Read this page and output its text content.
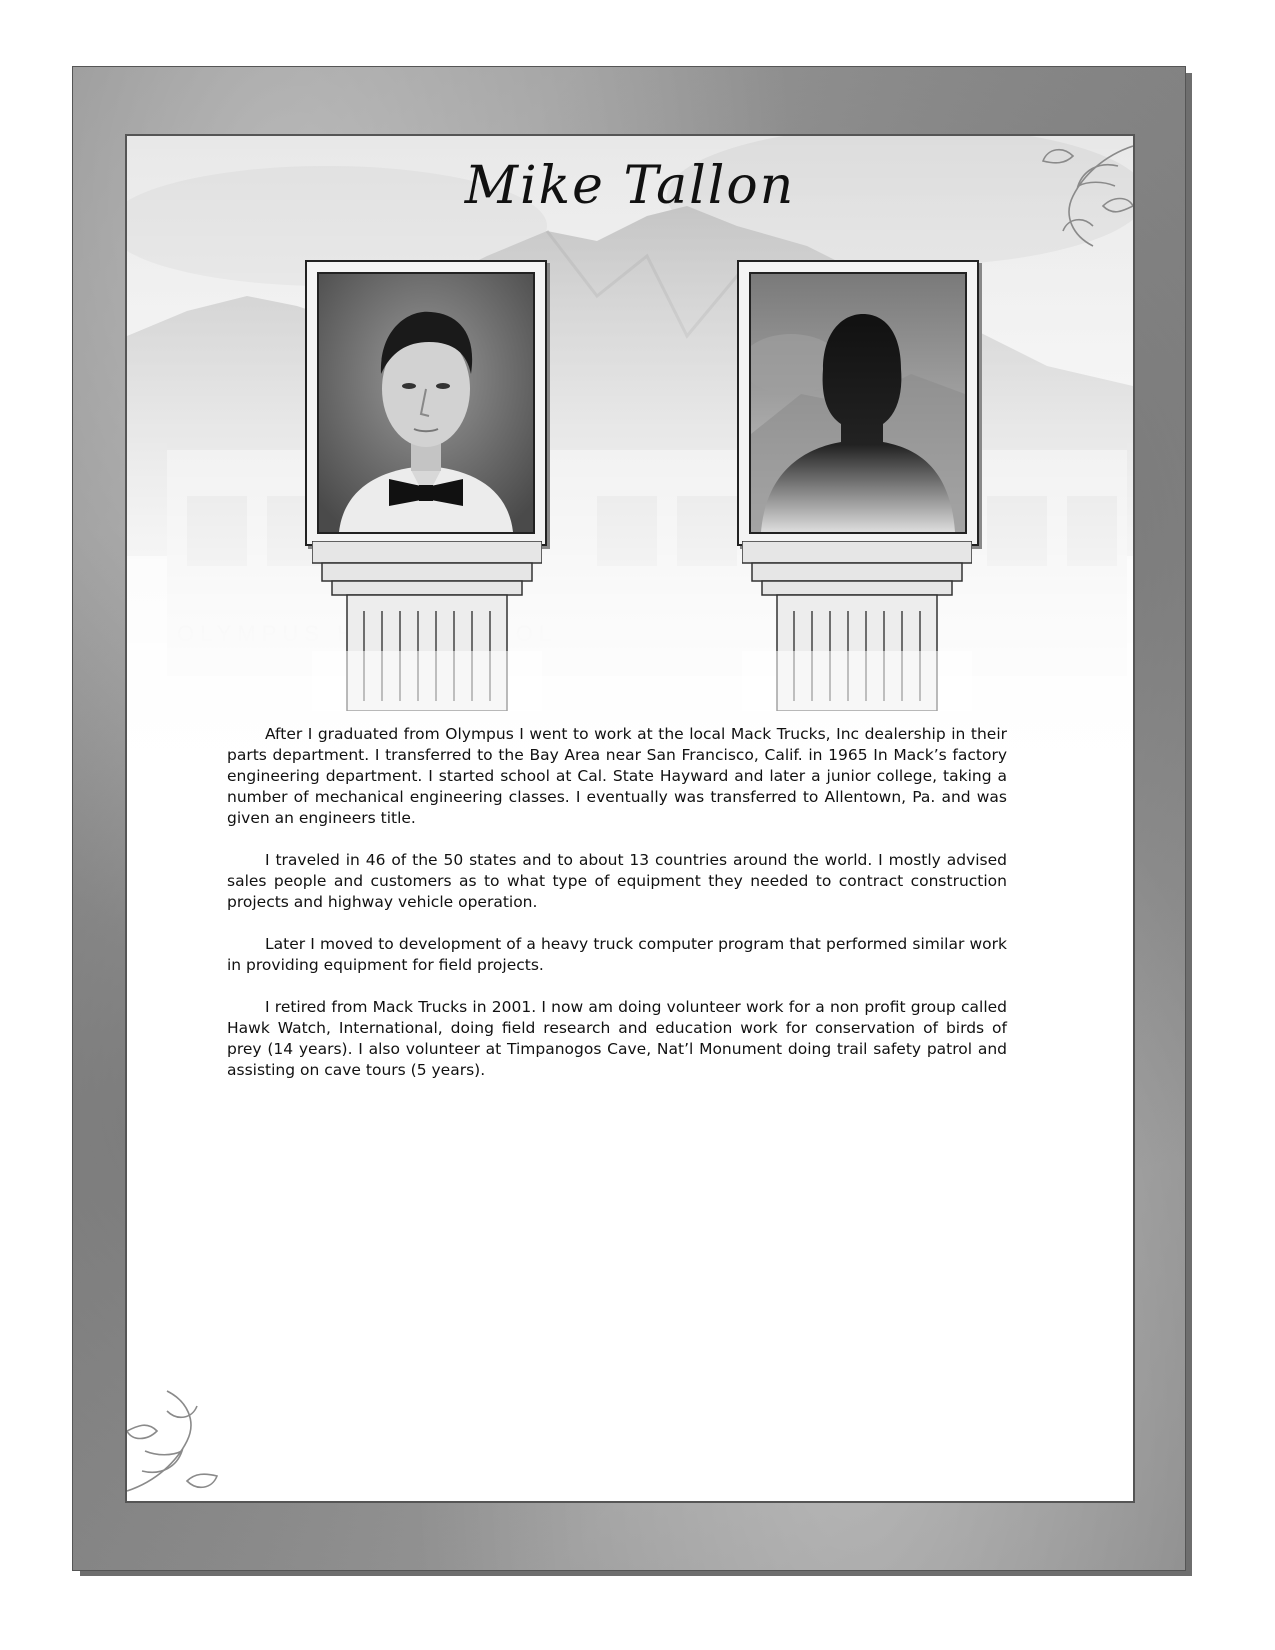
Mike Tallon

After I graduated from Olympus I went to work at the local Mack Trucks, Inc dealership in their parts department. I transferred to the Bay Area near San Francisco, Calif. in 1965 In Mack’s factory engineering department. I started school at Cal. State Hayward and later a junior college, taking a number of mechanical engineering classes. I eventually was transferred to Allentown, Pa. and was given an engineers title.

I traveled in 46 of the 50 states and to about 13 countries around the world. I mostly advised sales people and customers as to what type of equipment they needed to contract construction projects and highway vehicle operation.

Later I moved to development of a heavy truck computer program that performed similar work in providing equipment for field projects.

I retired from Mack Trucks in 2001. I now am doing volunteer work for a non profit group called Hawk Watch, International, doing field research and education work for conservation of birds of prey (14 years). I also volunteer at Timpanogos Cave, Nat’l Monument doing trail safety patrol and assisting on cave tours (5 years).
